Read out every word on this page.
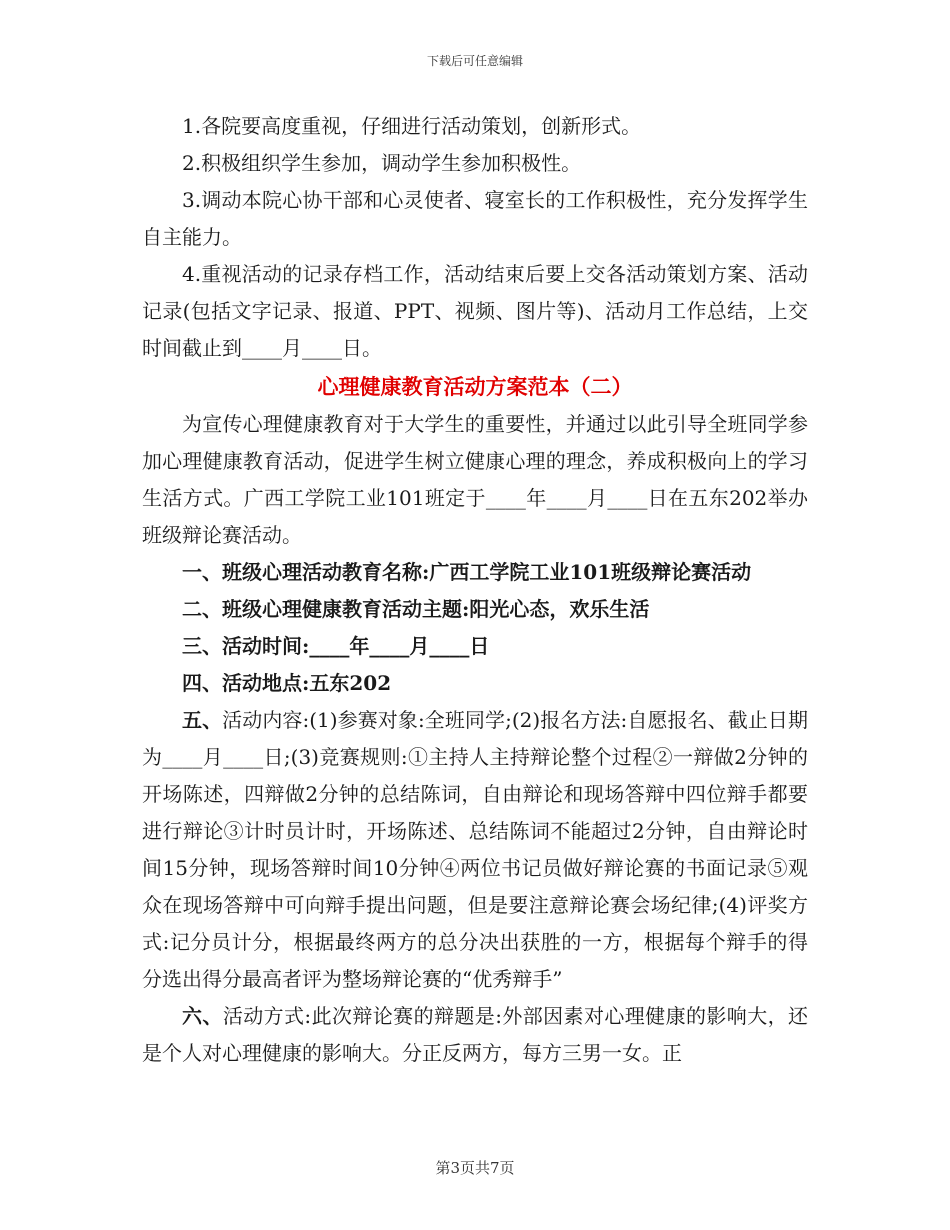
下载后可任意编辑

1.各院要高度重视，仔细进行活动策划，创新形式。

2.积极组织学生参加，调动学生参加积极性。

3.调动本院心协干部和心灵使者、寝室长的工作积极性，充分发挥学生自主能力。

4.重视活动的记录存档工作，活动结束后要上交各活动策划方案、活动记录(包括文字记录、报道、PPT、视频、图片等)、活动月工作总结，上交时间截止到____月____日。

心理健康教育活动方案范本（二）

为宣传心理健康教育对于大学生的重要性，并通过以此引导全班同学参加心理健康教育活动，促进学生树立健康心理的理念，养成积极向上的学习生活方式。广西工学院工业101班定于____年____月____日在五东202举办班级辩论赛活动。

一、班级心理活动教育名称:广西工学院工业101班级辩论赛活动

二、班级心理健康教育活动主题:阳光心态，欢乐生活

三、活动时间:____年____月____日

四、活动地点:五东202

五、活动内容:(1)参赛对象:全班同学;(2)报名方法:自愿报名、截止日期为____月____日;(3)竞赛规则:①主持人主持辩论整个过程②一辩做2分钟的开场陈述，四辩做2分钟的总结陈词，自由辩论和现场答辩中四位辩手都要进行辩论③计时员计时，开场陈述、总结陈词不能超过2分钟，自由辩论时间15分钟，现场答辩时间10分钟④两位书记员做好辩论赛的书面记录⑤观众在现场答辩中可向辩手提出问题，但是要注意辩论赛会场纪律;(4)评奖方式:记分员计分，根据最终两方的总分决出获胜的一方，根据每个辩手的得分选出得分最高者评为整场辩论赛的“优秀辩手”

六、活动方式:此次辩论赛的辩题是:外部因素对心理健康的影响大，还是个人对心理健康的影响大。分正反两方，每方三男一女。正

第3页共7页
